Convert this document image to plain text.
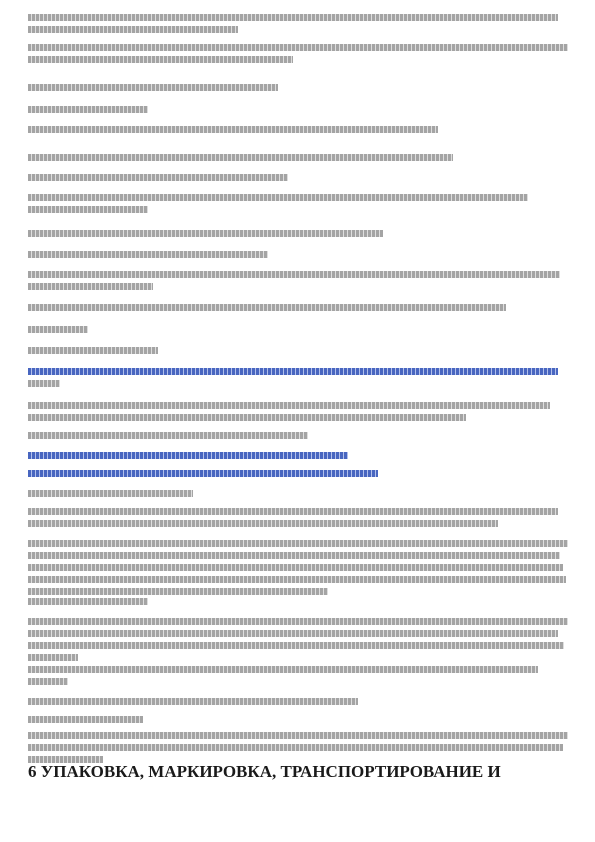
6 УПАКОВКА, МАРКИРОВКА, ТРАНСПОРТИРОВАНИЕ И
